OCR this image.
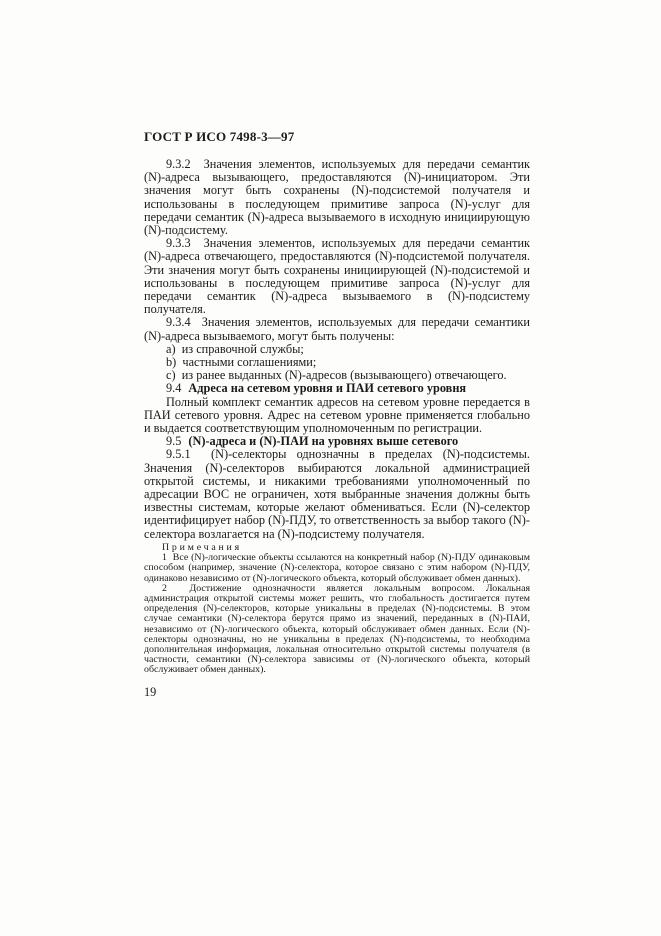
ГОСТ Р ИСО 7498-3—97

9.3.2  Значения элементов, используемых для передачи семантик (N)-адреса вызывающего, предоставляются (N)-инициатором. Эти значения могут быть сохранены (N)-подсистемой получателя и использованы в последующем примитиве запроса (N)-услуг для передачи семантик (N)-адреса вызываемого в исходную инициирующую (N)-подсистему.

9.3.3  Значения элементов, используемых для передачи семантик (N)-адреса отвечающего, предоставляются (N)-подсистемой получателя. Эти значения могут быть сохранены инициирующей (N)-подсистемой и использованы в последующем примитиве запроса (N)-услуг для передачи семантик (N)-адреса вызываемого в (N)-подсистему получателя.

9.3.4  Значения элементов, используемых для передачи семантики (N)-адреса вызываемого, могут быть получены:

a)  из справочной службы;

b)  частными соглашениями;

c)  из ранее выданных (N)-адресов (вызывающего) отвечающего.

9.4 Адреса на сетевом уровня и ПАИ сетевого уровня

Полный комплект семантик адресов на сетевом уровне передается в ПАИ сетевого уровня. Адрес на сетевом уровне применяется глобально и выдается соответствующим уполномоченным по регистрации.

9.5 (N)-адреса и (N)-ПАИ на уровнях выше сетевого

9.5.1  (N)-селекторы однозначны в пределах (N)-подсистемы. Значения (N)-селекторов выбираются локальной администрацией открытой системы, и никакими требованиями уполномоченный по адресации ВОС не ограничен, хотя выбранные значения должны быть известны системам, которые желают обмениваться. Если (N)-селектор идентифицирует набор (N)-ПДУ, то ответственность за выбор такого (N)-селектора возлагается на (N)-подсистему получателя.

Примечания

1  Все (N)-логические объекты ссылаются на конкретный набор (N)-ПДУ одинаковым способом (например, значение (N)-селектора, которое связано с этим набором (N)-ПДУ, одинаково независимо от (N)-логического объекта, который обслуживает обмен данных).

2  Достижение однозначности является локальным вопросом. Локальная администрация открытой системы может решить, что глобальность достигается путем определения (N)-селекторов, которые уникальны в пределах (N)-подсистемы. В этом случае семантики (N)-селектора берутся прямо из значений, переданных в (N)-ПАИ, независимо от (N)-логического объекта, который обслуживает обмен данных. Если (N)-селекторы однозначны, но не уникальны в пределах (N)-подсистемы, то необходима дополнительная информация, локальная относительно открытой системы получателя (в частности, семантики (N)-селектора зависимы от (N)-логического объекта, который обслуживает обмен данных).

19
